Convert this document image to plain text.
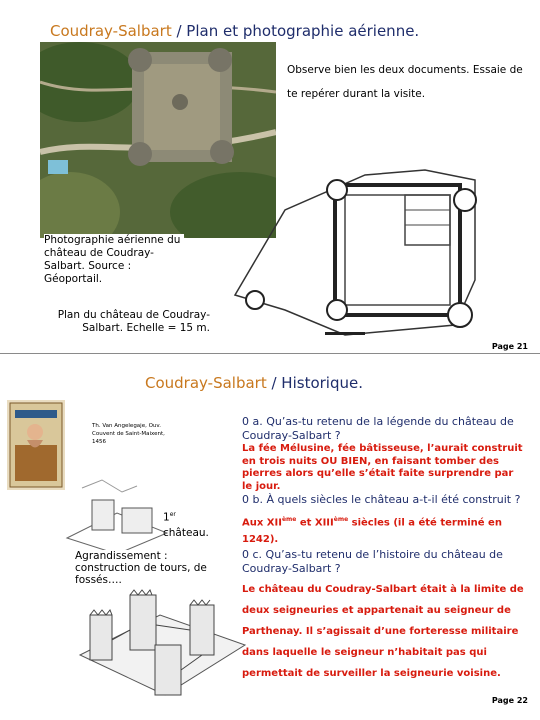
Coudray-Salbart / Plan et photographie aérienne.
Observe bien les deux documents. Essaie de te repérer durant la visite.
Photographie aérienne du château de Coudray-Salbart. Source : Géoportail.
Plan du château de Coudray-Salbart. Echelle = 15 m.
Page 21
Coudray-Salbart / Historique.
Th. Van Angelegaje, Ouv. Couvent de Saint-Maixent, 1456
1er
château.
Agrandissement : construction de tours, de fossés….
0 a. Qu’as-tu retenu de la légende du château de Coudray-Salbart ?
La fée Mélusine, fée bâtisseuse, l’aurait construit en trois nuits OU BIEN, en faisant tomber des pierres alors qu’elle s’était faite surprendre par le jour.
0 b. À quels siècles le château a-t-il été construit ?
Aux XIIème et XIIIème siècles (il a été terminé en 1242).
0 c. Qu’as-tu retenu de l’histoire du château de Coudray-Salbart ?
Le château du Coudray-Salbart était à la limite de deux seigneuries et appartenait au seigneur de Parthenay. Il s’agissait d’une forteresse militaire dans laquelle le seigneur n’habitait pas qui permettait de surveiller la seigneurie voisine.
Page 22
